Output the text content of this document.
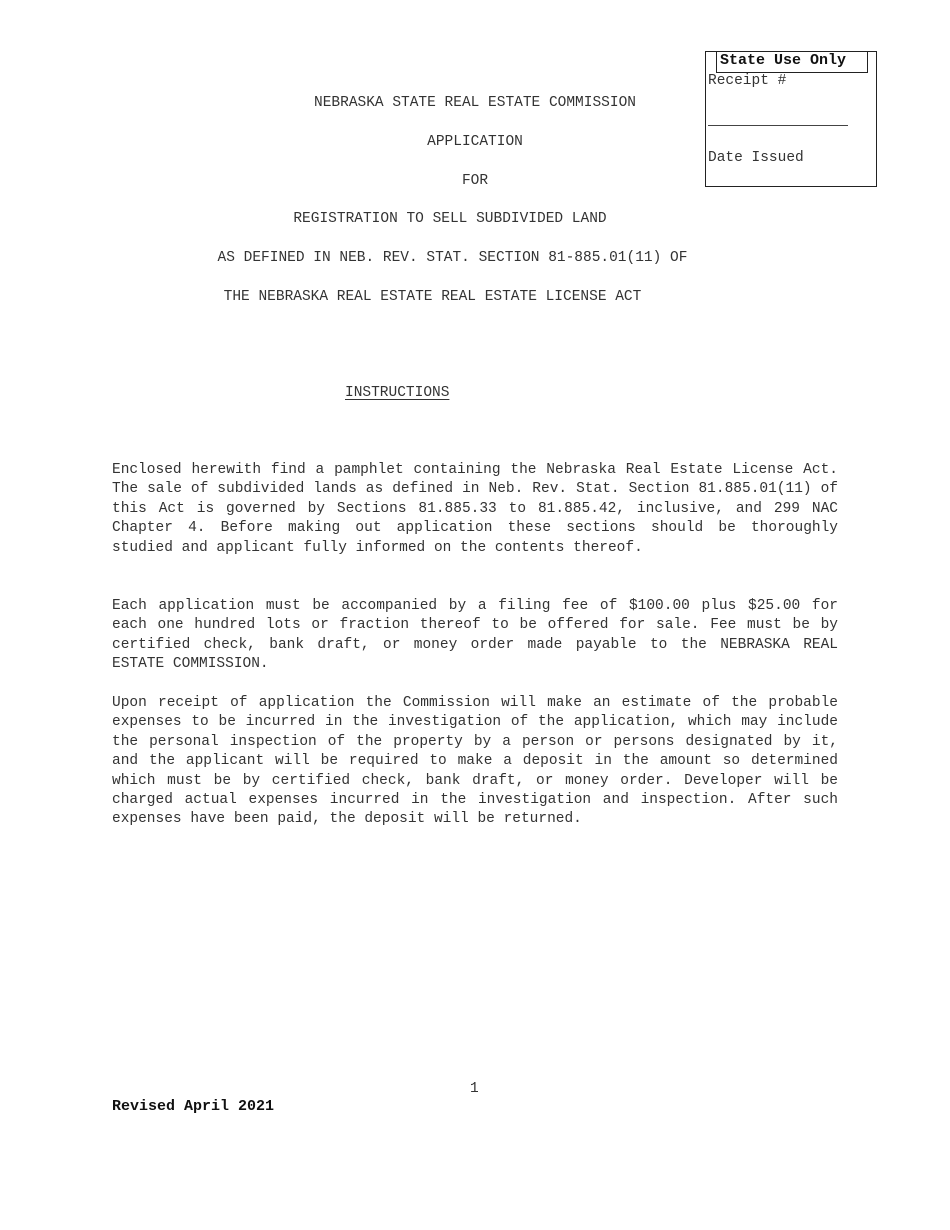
State Use Only
Receipt #
Date Issued
NEBRASKA STATE REAL ESTATE COMMISSION
APPLICATION
FOR
REGISTRATION TO SELL SUBDIVIDED LAND
AS DEFINED IN NEB. REV. STAT. SECTION 81-885.01(11) OF
THE NEBRASKA REAL ESTATE REAL ESTATE LICENSE ACT
INSTRUCTIONS

Enclosed herewith find a pamphlet containing the Nebraska Real Estate License Act. The sale of subdivided lands as defined in Neb. Rev. Stat. Section 81.885.01(11) of this Act is governed by Sections 81.885.33 to 81.885.42, inclusive, and 299 NAC Chapter 4. Before making out application these sections should be thoroughly studied and applicant fully informed on the contents thereof.

Each application must be accompanied by a filing fee of $100.00 plus $25.00 for each one hundred lots or fraction thereof to be offered for sale. Fee must be by certified check, bank draft, or money order made payable to the NEBRASKA REAL ESTATE COMMISSION.

Upon receipt of application the Commission will make an estimate of the probable expenses to be incurred in the investigation of the application, which may include the personal inspection of the property by a person or persons designated by it, and the applicant will be required to make a deposit in the amount so determined which must be by certified check, bank draft, or money order. Developer will be charged actual expenses incurred in the investigation and inspection. After such expenses have been paid, the deposit will be returned.

1
Revised April 2021
